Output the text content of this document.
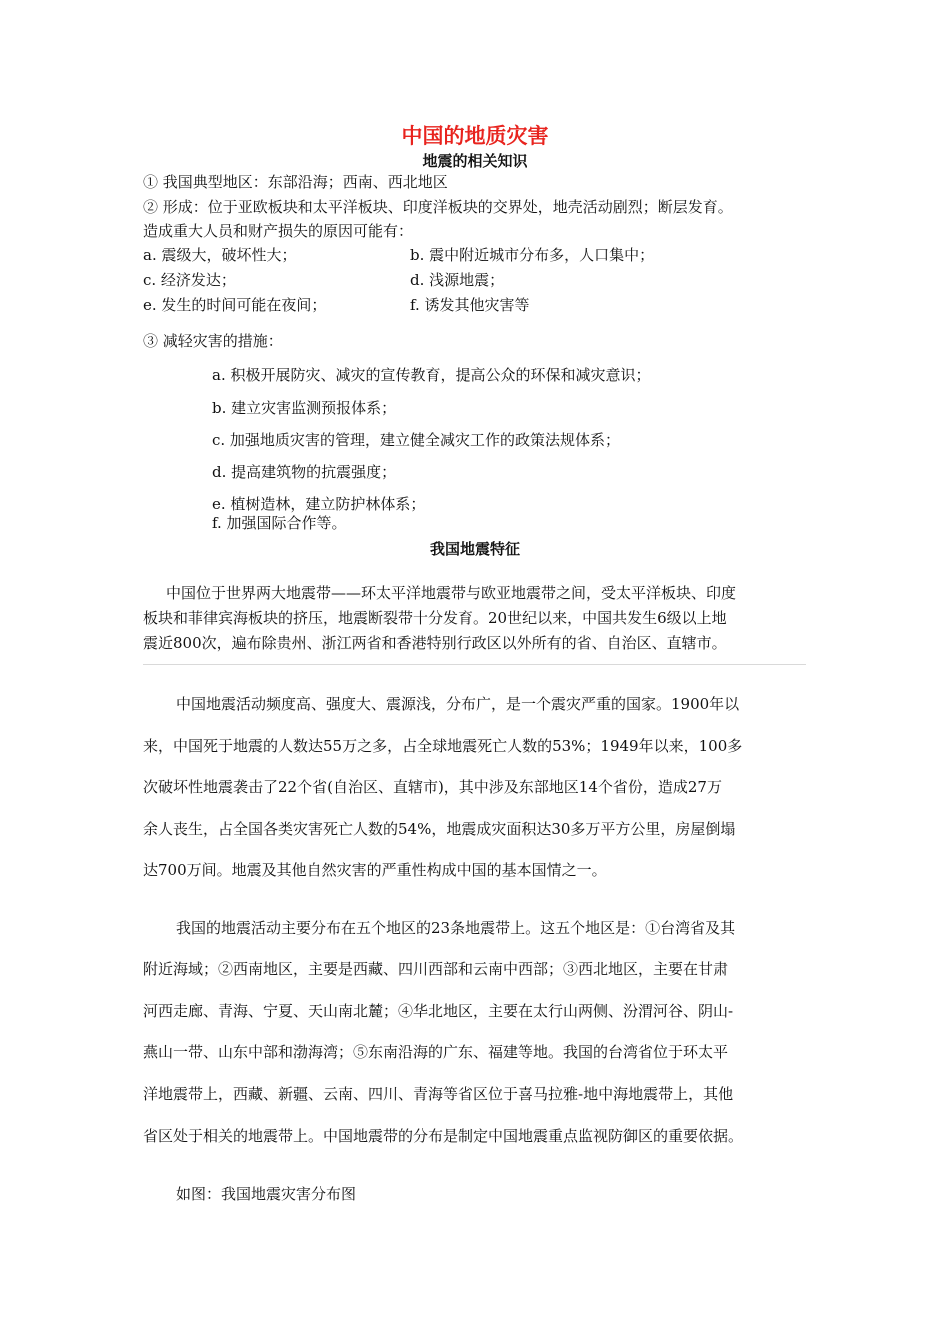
中国的地质灾害
地震的相关知识
① 我国典型地区：东部沿海；西南、西北地区
② 形成：位于亚欧板块和太平洋板块、印度洋板块的交界处，地壳活动剧烈；断层发育。
造成重大人员和财产损失的原因可能有：
a. 震级大，破坏性大；	b. 震中附近城市分布多，人口集中；
c. 经济发达；	d. 浅源地震；
e. 发生的时间可能在夜间；	f. 诱发其他灾害等
③ 减轻灾害的措施：
a. 积极开展防灾、减灾的宣传教育，提高公众的环保和减灾意识；
b. 建立灾害监测预报体系；
c. 加强地质灾害的管理，建立健全减灾工作的政策法规体系；
d. 提高建筑物的抗震强度；
e. 植树造林，建立防护林体系；
f. 加强国际合作等。
我国地震特征
中国位于世界两大地震带——环太平洋地震带与欧亚地震带之间，受太平洋板块、印度
板块和菲律宾海板块的挤压，地震断裂带十分发育。20世纪以来，中国共发生6级以上地
震近800次，遍布除贵州、浙江两省和香港特别行政区以外所有的省、自治区、直辖市。
中国地震活动频度高、强度大、震源浅，分布广，是一个震灾严重的国家。1900年以
来，中国死于地震的人数达55万之多，占全球地震死亡人数的53%；1949年以来，100多
次破坏性地震袭击了22个省(自治区、直辖市)，其中涉及东部地区14个省份，造成27万
余人丧生，占全国各类灾害死亡人数的54%，地震成灾面积达30多万平方公里，房屋倒塌
达700万间。地震及其他自然灾害的严重性构成中国的基本国情之一。
我国的地震活动主要分布在五个地区的23条地震带上。这五个地区是：①台湾省及其
附近海域；②西南地区，主要是西藏、四川西部和云南中西部；③西北地区，主要在甘肃
河西走廊、青海、宁夏、天山南北麓；④华北地区，主要在太行山两侧、汾渭河谷、阴山-
燕山一带、山东中部和渤海湾；⑤东南沿海的广东、福建等地。我国的台湾省位于环太平
洋地震带上，西藏、新疆、云南、四川、青海等省区位于喜马拉雅-地中海地震带上，其他
省区处于相关的地震带上。中国地震带的分布是制定中国地震重点监视防御区的重要依据。
如图：我国地震灾害分布图
